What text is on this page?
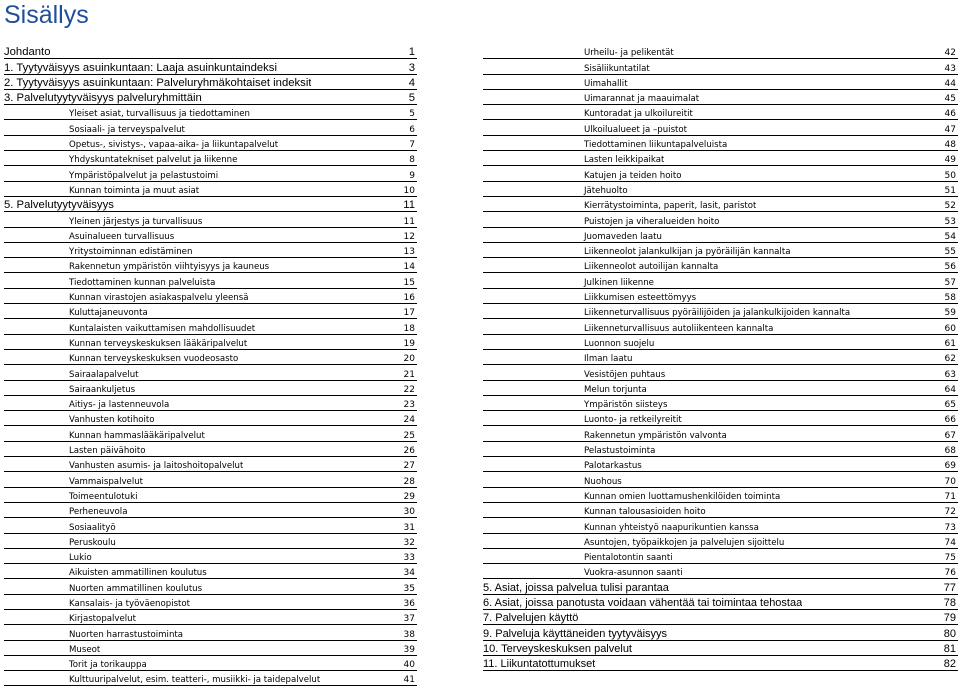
Sisällys
Johdanto	1
1. Tyytyväisyys asuinkuntaan: Laaja asuinkuntaindeksi	3
2. Tyytyväisyys asuinkuntaan: Palveluryhmäkohtaiset indeksit	4
3. Palvelutyytyväisyys palveluryhmittäin	5
Yleiset asiat, turvallisuus ja tiedottaminen	5
Sosiaali- ja terveyspalvelut	6
Opetus-, sivistys-, vapaa-aika- ja liikuntapalvelut	7
Yhdyskuntatekniset palvelut ja liikenne	8
Ympäristöpalvelut ja pelastustoimi	9
Kunnan toiminta ja muut asiat	10
5. Palvelutyytyväisyys	11
Yleinen järjestys ja turvallisuus	11
Asuinalueen turvallisuus	12
Yritystoiminnan edistäminen	13
Rakennetun ympäristön viihtyisyys ja kauneus	14
Tiedottaminen kunnan palveluista	15
Kunnan virastojen asiakaspalvelu yleensä	16
Kuluttajaneuvonta	17
Kuntalaisten vaikuttamisen mahdollisuudet	18
Kunnan terveyskeskuksen lääkäripalvelut	19
Kunnan terveyskeskuksen vuodeosasto	20
Sairaalapalvelut	21
Sairaankuljetus	22
Äitiys- ja lastenneuvola	23
Vanhusten kotihoito	24
Kunnan hammaslääkäripalvelut	25
Lasten päivähoito	26
Vanhusten asumis- ja laitoshoitopalvelut	27
Vammaispalvelut	28
Toimeentulotuki	29
Perheneuvola	30
Sosiaalityö	31
Peruskoulu	32
Lukio	33
Aikuisten ammatillinen koulutus	34
Nuorten ammatillinen koulutus	35
Kansalais- ja työväenopistot	36
Kirjastopalvelut	37
Nuorten harrastustoiminta	38
Museot	39
Torit ja torikauppa	40
Kulttuuripalvelut, esim. teatteri-, musiikki- ja taidepalvelut	41
Urheilu- ja pelikentät	42
Sisäliikuntatilat	43
Uimahallit	44
Uimarannat ja maauimalat	45
Kuntoradat ja ulkoilureitit	46
Ulkoilualueet ja –puistot	47
Tiedottaminen liikuntapalveluista	48
Lasten leikkipaikat	49
Katujen ja teiden hoito	50
Jätehuolto	51
Kierrätystoiminta, paperit, lasit, paristot	52
Puistojen ja viheralueiden hoito	53
Juomaveden laatu	54
Liikenneolot jalankulkijan ja pyöräilijän kannalta	55
Liikenneolot autoilijan kannalta	56
Julkinen liikenne	57
Liikkumisen esteettömyys	58
Liikenneturvallisuus pyöräilijöiden ja jalankulkijoiden kannalta	59
Liikenneturvallisuus autoliikenteen kannalta	60
Luonnon suojelu	61
Ilman laatu	62
Vesistöjen puhtaus	63
Melun torjunta	64
Ympäristön siisteys	65
Luonto- ja retkeilyreitit	66
Rakennetun ympäristön valvonta	67
Pelastustoiminta	68
Palotarkastus	69
Nuohous	70
Kunnan omien luottamushenkilöiden toiminta	71
Kunnan talousasioiden hoito	72
Kunnan yhteistyö naapurikuntien kanssa	73
Asuntojen, työpaikkojen ja palvelujen sijoittelu	74
Pientalotontin saanti	75
Vuokra-asunnon saanti	76
5. Asiat, joissa palvelua tulisi parantaa	77
6. Asiat, joissa panotusta voidaan vähentää tai toimintaa tehostaa	78
7. Palvelujen käyttö	79
9. Palveluja käyttäneiden tyytyväisyys	80
10. Terveyskeskuksen palvelut	81
11. Liikuntatottumukset	82
